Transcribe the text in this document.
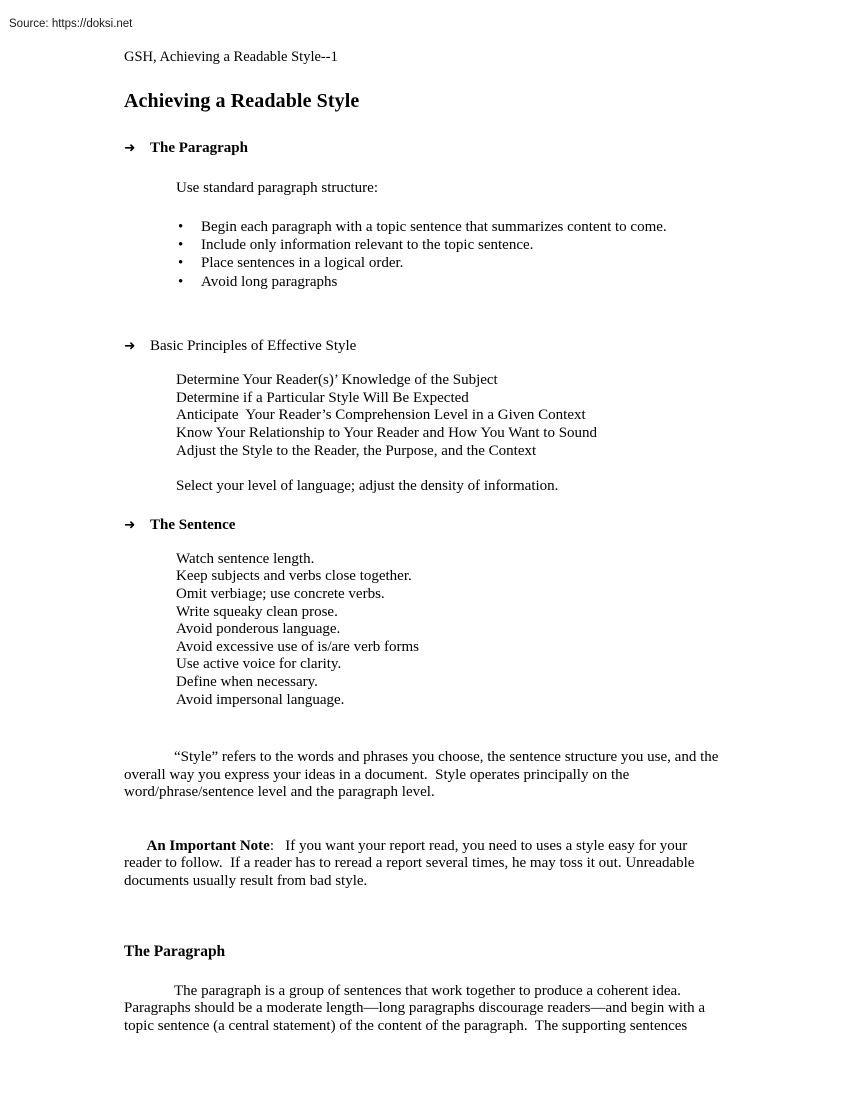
Source: https://doksi.net
GSH, Achieving a Readable Style--1
Achieving a Readable Style
➜ The Paragraph
Use standard paragraph structure:
• Begin each paragraph with a topic sentence that summarizes content to come.
• Include only information relevant to the topic sentence.
• Place sentences in a logical order.
• Avoid long paragraphs
➜ Basic Principles of Effective Style
Determine Your Reader(s)’ Knowledge of the Subject
Determine if a Particular Style Will Be Expected
Anticipate  Your Reader’s Comprehension Level in a Given Context
Know Your Relationship to Your Reader and How You Want to Sound
Adjust the Style to the Reader, the Purpose, and the Context
Select your level of language; adjust the density of information.
➜ The Sentence
Watch sentence length.
Keep subjects and verbs close together.
Omit verbiage; use concrete verbs.
Write squeaky clean prose.
Avoid ponderous language.
Avoid excessive use of is/are verb forms
Use active voice for clarity.
Define when necessary.
Avoid impersonal language.

“Style” refers to the words and phrases you choose, the sentence structure you use, and the overall way you express your ideas in a document.  Style operates principally on the word/phrase/sentence level and the paragraph level.

An Important Note:   If you want your report read, you need to uses a style easy for your reader to follow.  If a reader has to reread a report several times, he may toss it out. Unreadable documents usually result from bad style.

The Paragraph

The paragraph is a group of sentences that work together to produce a coherent idea. Paragraphs should be a moderate length—long paragraphs discourage readers—and begin with a topic sentence (a central statement) of the content of the paragraph.  The supporting sentences
